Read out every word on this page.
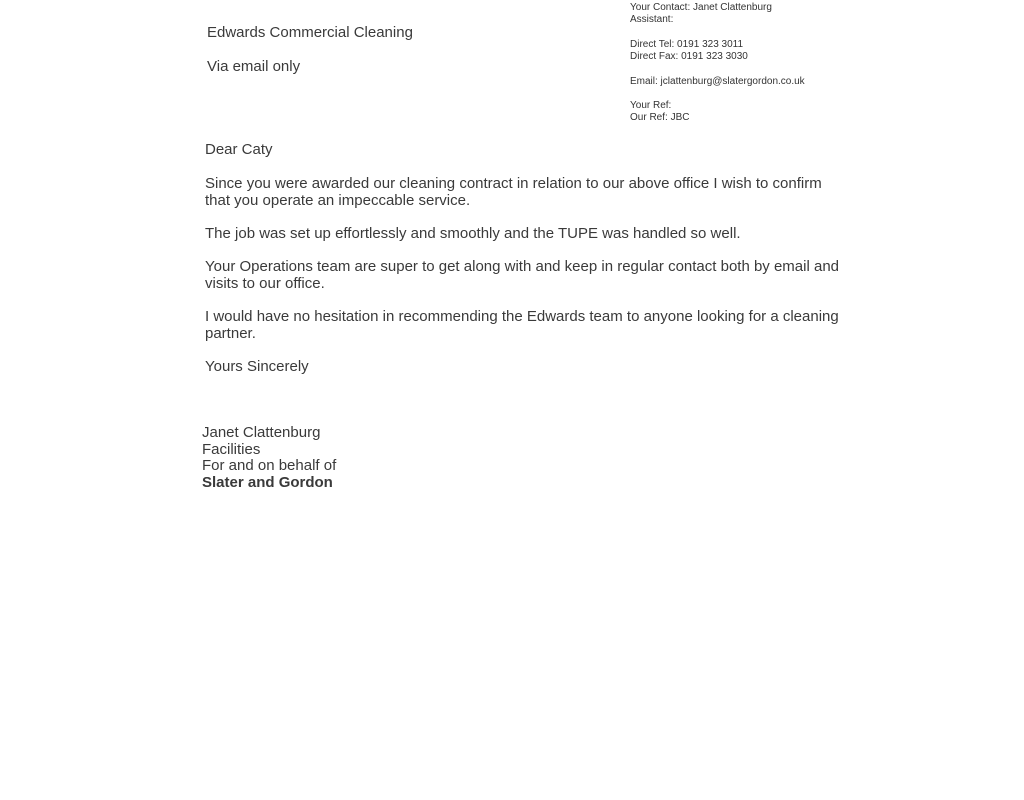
Edwards Commercial Cleaning
Via email only
Your Contact: Janet Clattenburg
Assistant:
Direct Tel: 0191 323 3011
Direct Fax: 0191 323 3030
Email: jclattenburg@slatergordon.co.uk
Your Ref:
Our Ref: JBC

Dear Caty

Since you were awarded our cleaning contract in relation to our above office I wish to confirm that you operate an impeccable service.

The job was set up effortlessly and smoothly and the TUPE was handled so well.

Your Operations team are super to get along with and keep in regular contact both by email and visits to our office.

I would have no hesitation in recommending the Edwards team to anyone looking for a cleaning partner.

Yours Sincerely

Janet Clattenburg
Facilities
For and on behalf of
Slater and Gordon
